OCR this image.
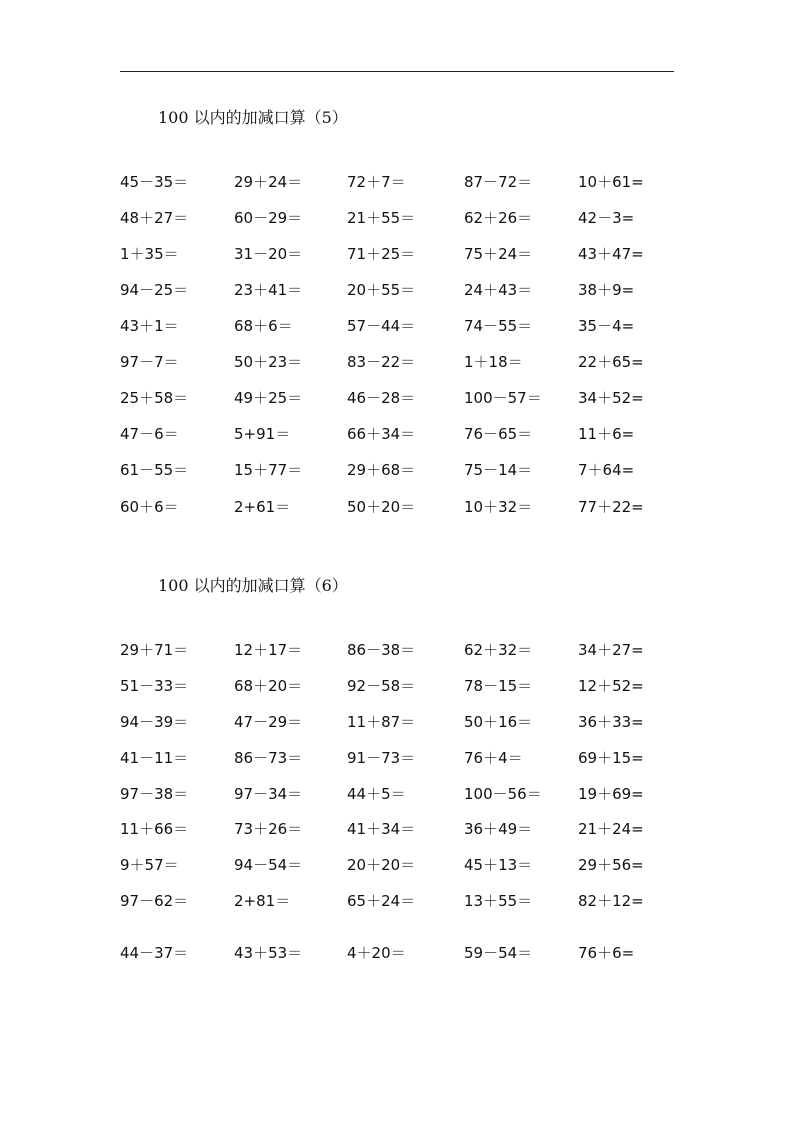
100 以内的加减口算（5）
100 以内的加减口算（6）
45－35＝	29＋24＝	72＋7＝	87－72＝	10＋61=
48＋27＝	60－29＝	21＋55＝	62＋26＝	42－3=
1＋35＝	31－20＝	71＋25＝	75＋24＝	43＋47=
94－25＝	23＋41＝	20＋55＝	24＋43＝	38＋9=
43＋1＝	68＋6＝	57－44＝	74－55＝	35－4=
97－7＝	50＋23＝	83－22＝	1＋18＝	22＋65=
25＋58＝	49＋25＝	46－28＝	100－57＝ 34＋52=
47－6＝	5+91＝	66＋34＝	76－65＝	11＋6=
61－55＝	15＋77＝	29＋68＝	75－14＝	7＋64=
60＋6＝	2+61＝	50＋20＝	10＋32＝	77＋22=
29＋71＝	12＋17＝	86－38＝	62＋32＝	34＋27=
51－33＝	68＋20＝	92－58＝	78－15＝	12＋52=
94－39＝	47－29＝	11＋87＝	50＋16＝	36＋33=
41－11＝	86－73＝	91－73＝	76＋4＝	69＋15=
97－38＝	97－34＝	44＋5＝	100－56＝ 19＋69=
11＋66＝	73＋26＝	41＋34＝	36＋49＝	21＋24=
9＋57＝	94－54＝	20＋20＝	45＋13＝	29＋56=
97－62＝	2+81＝	65＋24＝	13＋55＝	82＋12=
44－37＝	43＋53＝	4＋20＝	59－54＝	76＋6=
